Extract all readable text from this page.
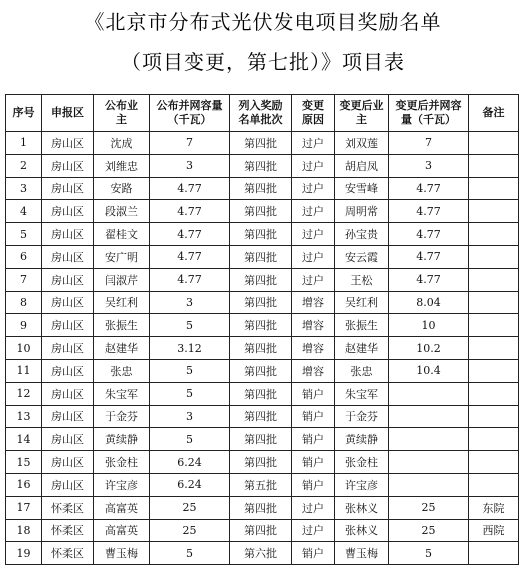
《北京市分布式光伏发电项目奖励名单
（项目变更，第七批）》项目表
序号	申报区	公布业主	公布并网容量（千瓦）	列入奖励名单批次	变更原因	变更后业主	变更后并网容量（千瓦）	备注
1	房山区	沈成	7	第四批	过户	刘双莲	7	
2	房山区	刘维忠	3	第四批	过户	胡启凤	3	
3	房山区	安路	4.77	第四批	过户	安雪峰	4.77	
4	房山区	段淑兰	4.77	第四批	过户	周明常	4.77	
5	房山区	翟桂文	4.77	第四批	过户	孙宝贵	4.77	
6	房山区	安广明	4.77	第四批	过户	安云霞	4.77	
7	房山区	闫淑芹	4.77	第四批	过户	王松	4.77	
8	房山区	吴红利	3	第四批	增容	吴红利	8.04	
9	房山区	张振生	5	第四批	增容	张振生	10	
10	房山区	赵建华	3.12	第四批	增容	赵建华	10.2	
11	房山区	张忠	5	第四批	增容	张忠	10.4	
12	房山区	朱宝军	5	第四批	销户	朱宝军		
13	房山区	于金芬	3	第四批	销户	于金芬		
14	房山区	黄续静	5	第四批	销户	黄续静		
15	房山区	张金柱	6.24	第四批	销户	张金柱		
16	房山区	许宝彦	6.24	第五批	销户	许宝彦		
17	怀柔区	高富英	25	第四批	过户	张林义	25	东院
18	怀柔区	高富英	25	第四批	过户	张林义	25	西院
19	怀柔区	曹玉梅	5	第六批	销户	曹玉梅	5	
